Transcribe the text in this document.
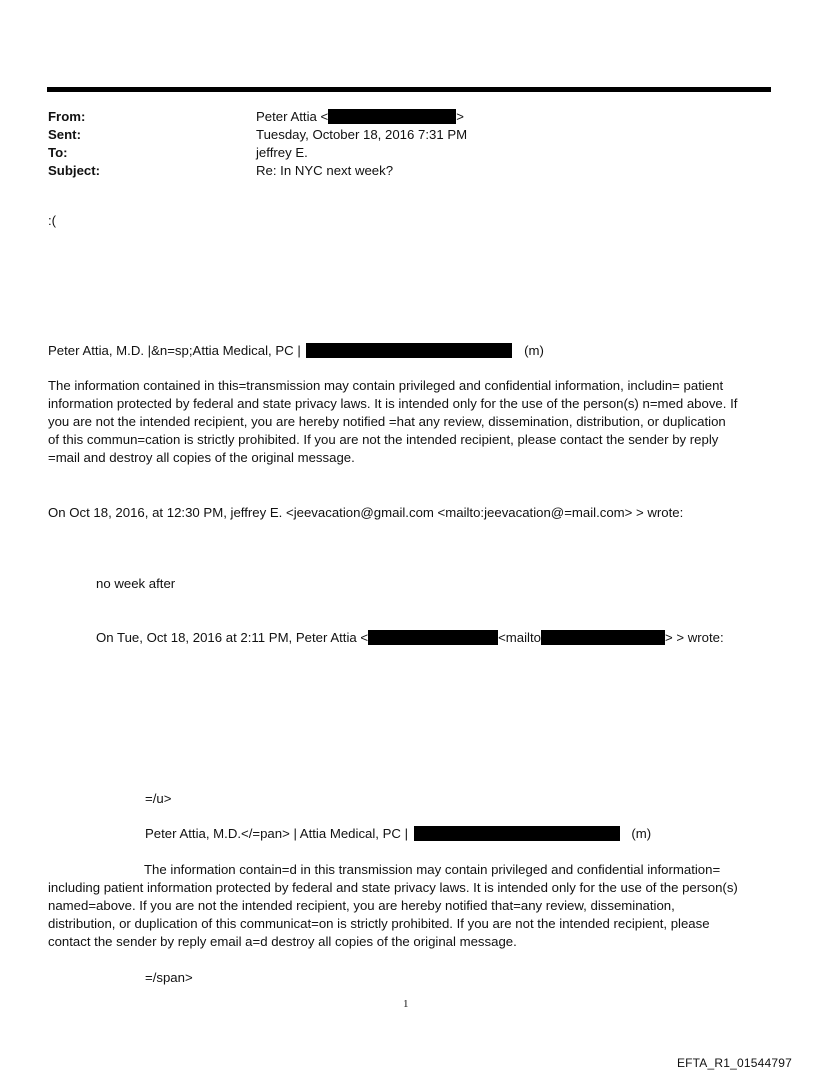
From:	Peter Attia <	>
Sent:	Tuesday, October 18, 2016 7:31 PM
To:	jeffrey E.
Subject:	Re: In NYC next week?
:(
Peter Attia, M.D. |&n=sp;Attia Medical, PC |	(m)
The information contained in this=transmission may contain privileged and confidential information, includin= patient
information protected by federal and state privacy laws. It is intended only for the use of the person(s) n=med above. If
you are not the intended recipient, you are hereby notified =hat any review, dissemination, distribution, or duplication
of this commun=cation is strictly prohibited. If you are not the intended recipient, please contact the sender by reply
=mail and destroy all copies of the original message.
On Oct 18, 2016, at 12:30 PM, jeffrey E. <jeevacation@gmail.com <mailto:jeevacation@=mail.com> > wrote:
no week after
On Tue, Oct 18, 2016 at 2:11 PM, Peter Attia <	<mailto	> > wrote:
=/u>
Peter Attia, M.D.</=pan> | Attia Medical, PC |	(m)
The information contain=d in this transmission may contain privileged and confidential information=
including patient information protected by federal and state privacy laws. It is intended only for the use of the person(s)
named=above. If you are not the intended recipient, you are hereby notified that=any review, dissemination,
distribution, or duplication of this communicat=on is strictly prohibited. If you are not the intended recipient, please
contact the sender by reply email a=d destroy all copies of the original message.
=/span>
1
EFTA_R1_01544797
